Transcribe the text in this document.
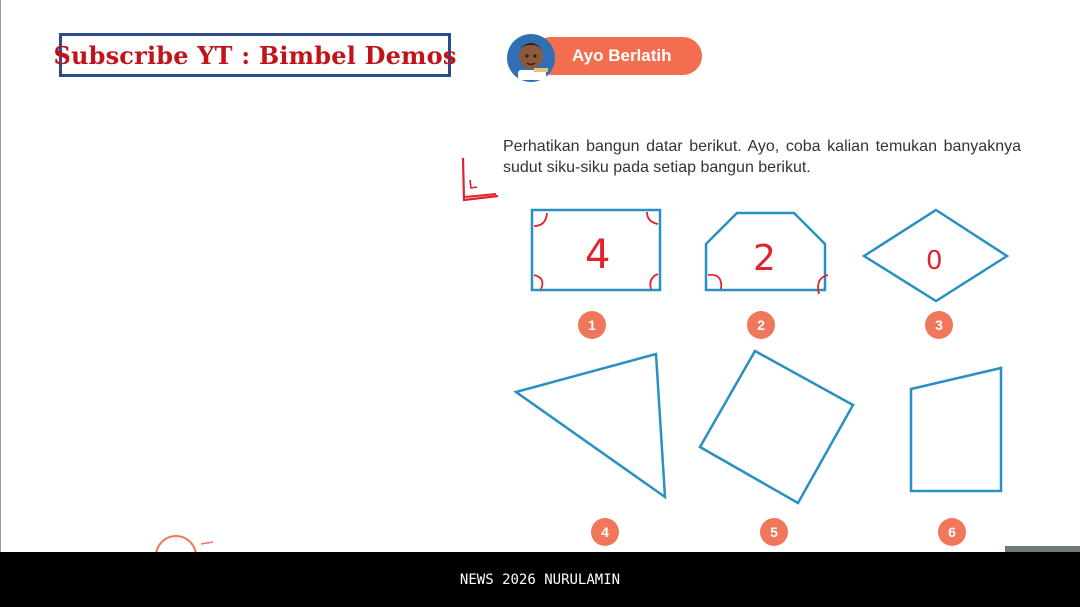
Subscribe YT : Bimbel Demos	Ayo Berlatih

Perhatikan bangun datar berikut. Ayo, coba kalian temukan banyaknya sudut siku-siku pada setiap bangun berikut.

4	2	0
1	2	3
4	5	6
NEWS 2026 NURULAMIN
